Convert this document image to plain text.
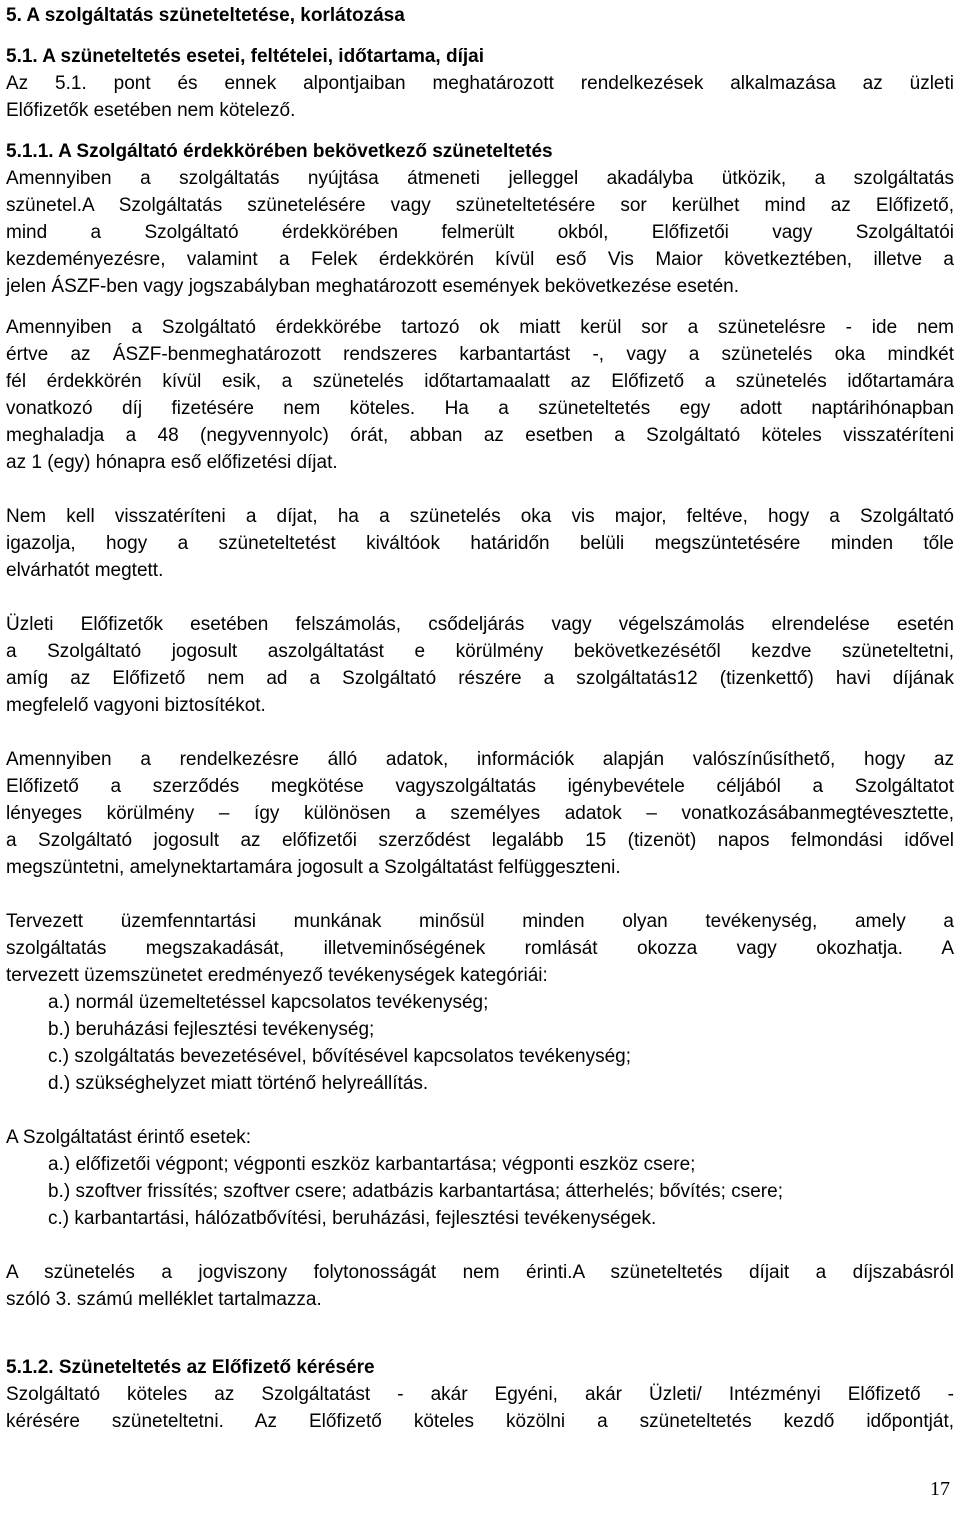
5. A szolgáltatás szüneteltetése, korlátozása
5.1. A szüneteltetés esetei, feltételei, időtartama, díjai
Az 5.1. pont és ennek alpontjaiban meghatározott rendelkezések alkalmazása az üzleti
Előfizetők esetében nem kötelező.
5.1.1. A Szolgáltató érdekkörében bekövetkező szüneteltetés
Amennyiben a szolgáltatás nyújtása átmeneti jelleggel akadályba ütközik, a szolgáltatás
szünetel.A Szolgáltatás szünetelésére vagy szüneteltetésére sor kerülhet mind az Előfizető,
mind a Szolgáltató érdekkörében felmerült okból, Előfizetői vagy Szolgáltatói
kezdeményezésre, valamint a Felek érdekkörén kívül eső Vis Maior következtében, illetve a
jelen ÁSZF-ben vagy jogszabályban meghatározott események bekövetkezése esetén.
Amennyiben a Szolgáltató érdekkörébe tartozó ok miatt kerül sor a szünetelésre - ide nem
értve az ÁSZF-benmeghatározott rendszeres karbantartást -, vagy a szünetelés oka mindkét
fél érdekkörén kívül esik, a szünetelés időtartamaalatt az Előfizető a szünetelés időtartamára
vonatkozó díj fizetésére nem köteles. Ha a szüneteltetés egy adott naptárihónapban
meghaladja a 48 (negyvennyolc) órát, abban az esetben a Szolgáltató köteles visszatéríteni
az 1 (egy) hónapra eső előfizetési díjat.
Nem kell visszatéríteni a díjat, ha a szünetelés oka vis major, feltéve, hogy a Szolgáltató
igazolja, hogy a szüneteltetést kiváltóok határidőn belüli megszüntetésére minden tőle
elvárhatót megtett.
Üzleti Előfizetők esetében felszámolás, csődeljárás vagy végelszámolás elrendelése esetén
a Szolgáltató jogosult aszolgáltatást e körülmény bekövetkezésétől kezdve szüneteltetni,
amíg az Előfizető nem ad a Szolgáltató részére a szolgáltatás12 (tizenkettő) havi díjának
megfelelő vagyoni biztosítékot.
Amennyiben a rendelkezésre álló adatok, információk alapján valószínűsíthető, hogy az
Előfizető a szerződés megkötése vagyszolgáltatás igénybevétele céljából a Szolgáltatot
lényeges körülmény – így különösen a személyes adatok – vonatkozásábanmegtévesztette,
a Szolgáltató jogosult az előfizetői szerződést legalább 15 (tizenöt) napos felmondási idővel
megszüntetni, amelynektartamára jogosult a Szolgáltatást felfüggeszteni.
Tervezett üzemfenntartási munkának minősül minden olyan tevékenység, amely a
szolgáltatás megszakadását, illetveminőségének romlását okozza vagy okozhatja. A
tervezett üzemszünetet eredményező tevékenységek kategóriái:
a.) normál üzemeltetéssel kapcsolatos tevékenység;
b.) beruházási fejlesztési tevékenység;
c.) szolgáltatás bevezetésével, bővítésével kapcsolatos tevékenység;
d.) szükséghelyzet miatt történő helyreállítás.
A Szolgáltatást érintő esetek:
a.) előfizetői végpont; végponti eszköz karbantartása; végponti eszköz csere;
b.) szoftver frissítés; szoftver csere; adatbázis karbantartása; átterhelés; bővítés; csere;
c.) karbantartási, hálózatbővítési, beruházási, fejlesztési tevékenységek.
A szünetelés a jogviszony folytonosságát nem érinti.A szüneteltetés díjait a díjszabásról
szóló 3. számú melléklet tartalmazza.
5.1.2. Szüneteltetés az Előfizető kérésére
Szolgáltató köteles az Szolgáltatást - akár Egyéni, akár Üzleti/ Intézményi Előfizető -
kérésére szüneteltetni. Az Előfizető köteles közölni a szüneteltetés kezdő időpontját,
17
